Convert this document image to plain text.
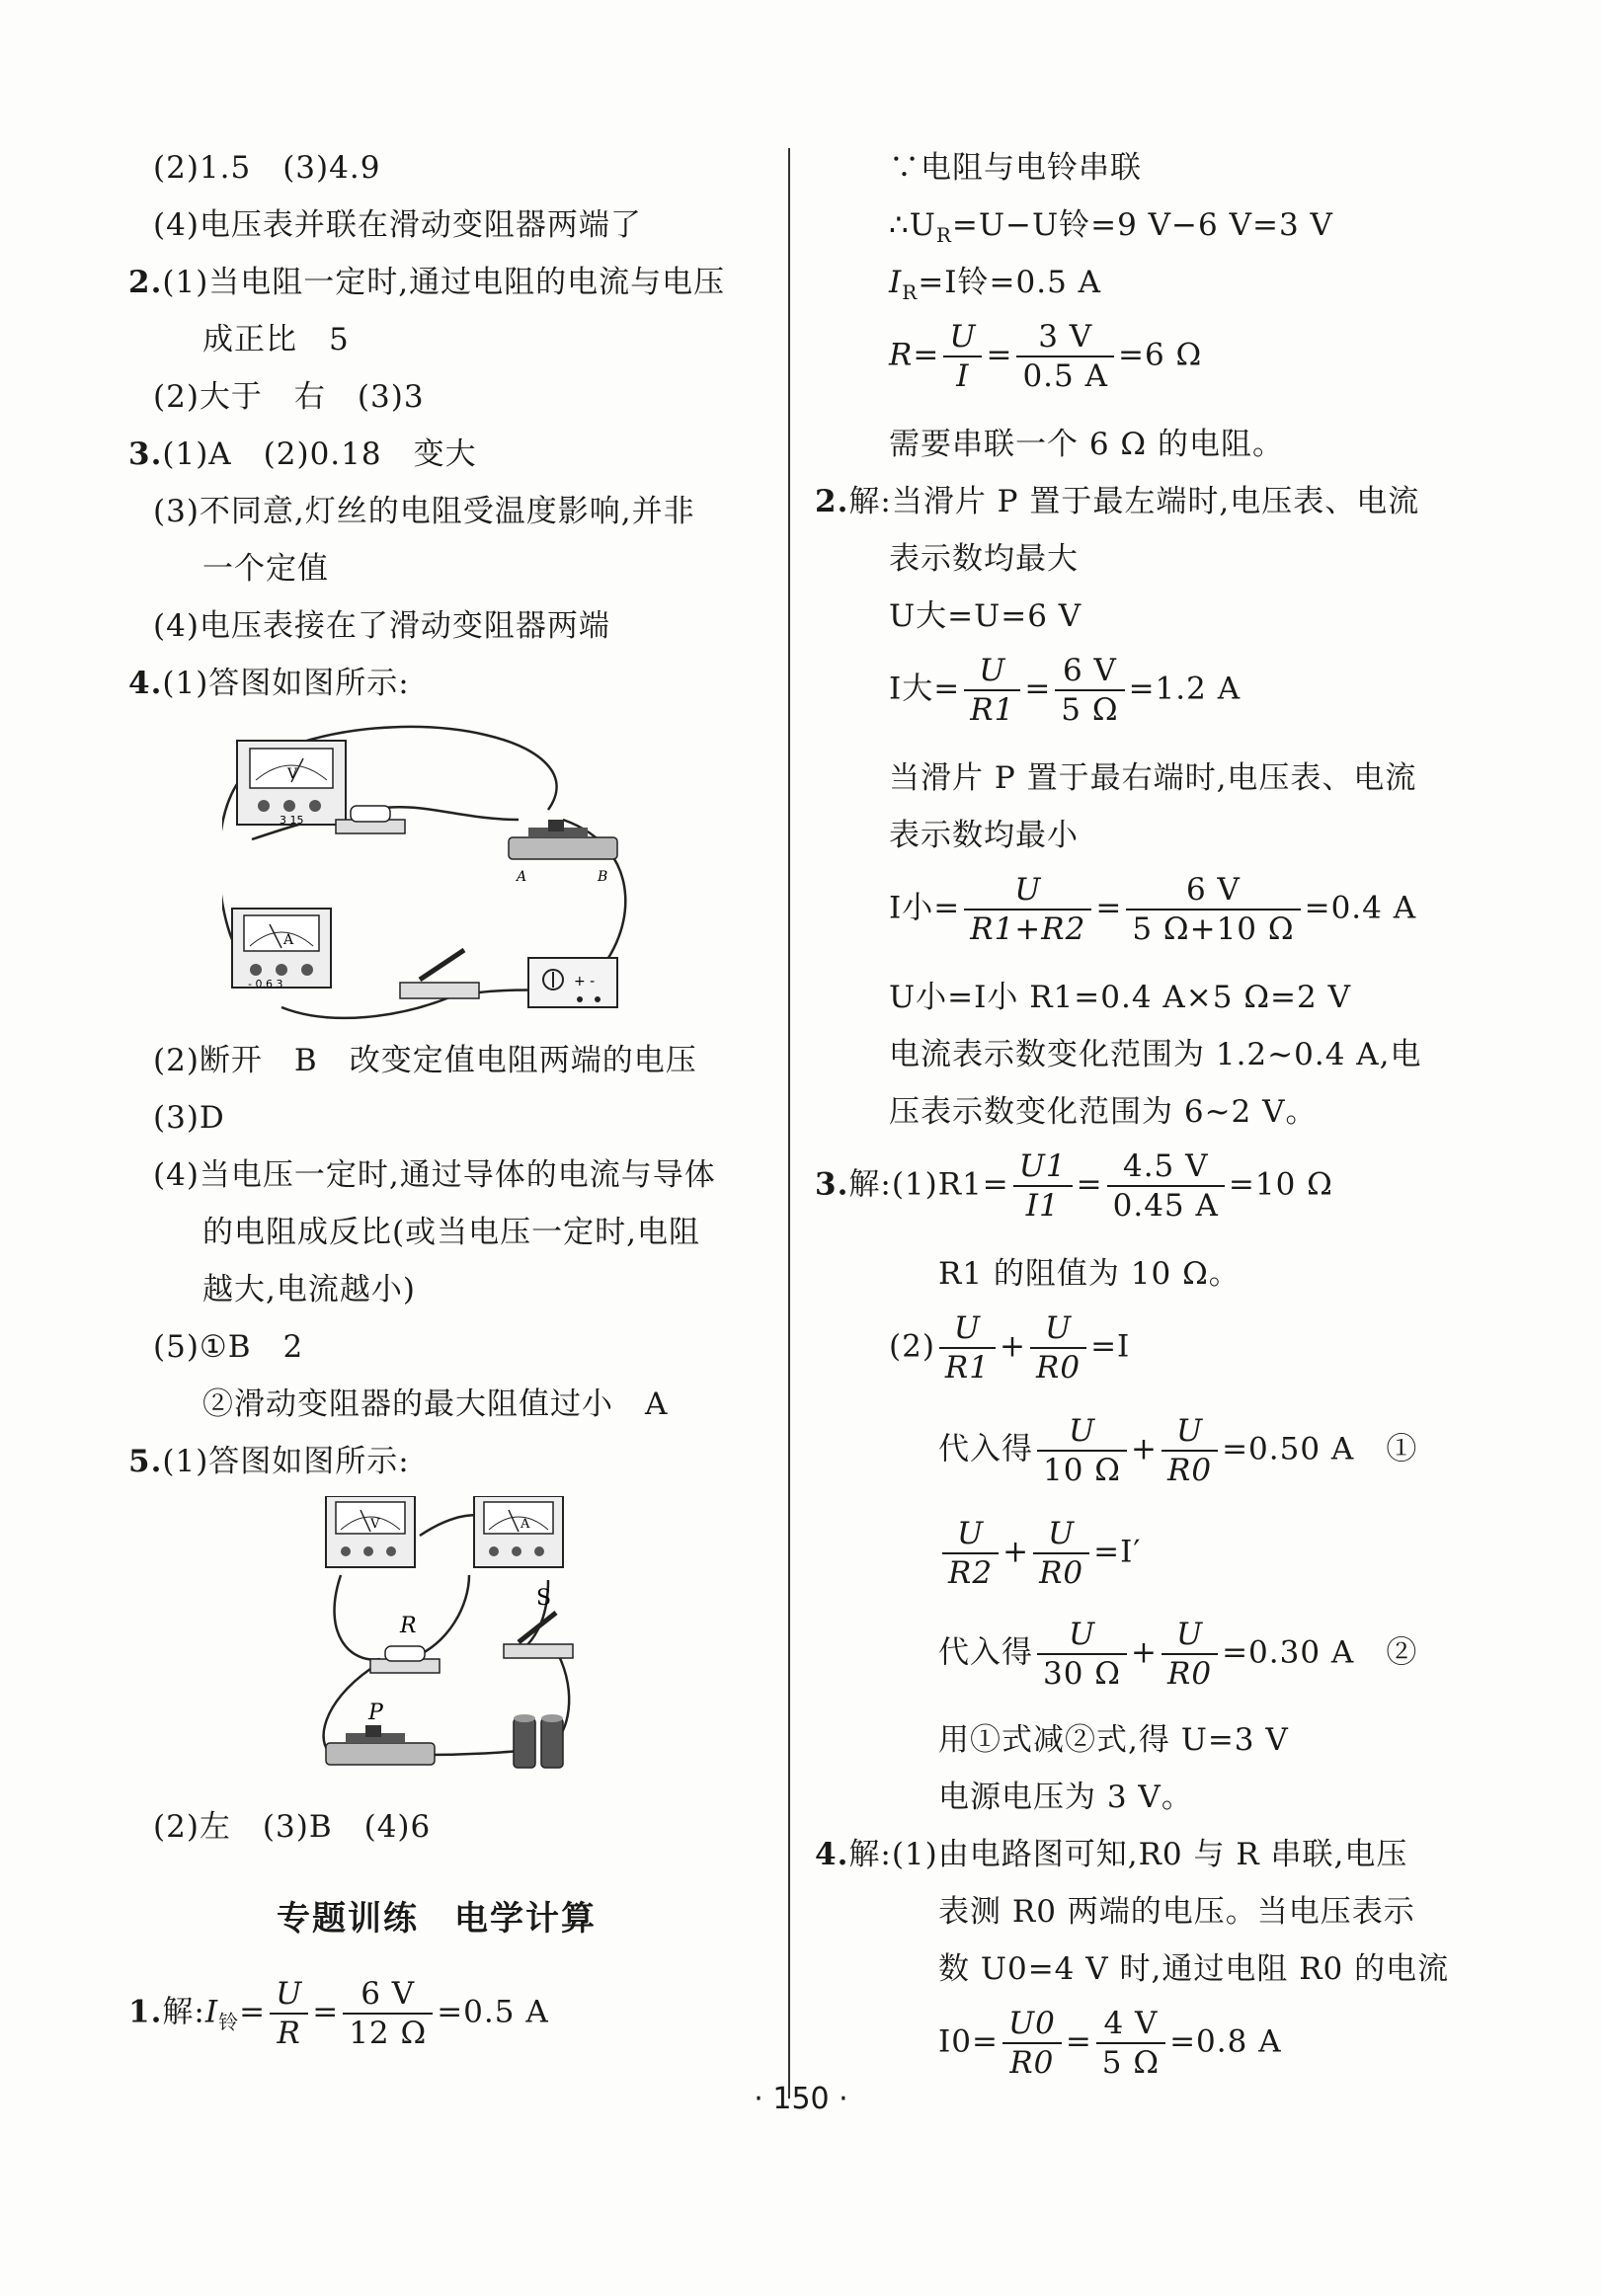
(2)1.5　(3)4.9
(4)电压表并联在滑动变阻器两端了
2.(1)当电阻一定时,通过电阻的电流与电压
成正比　5
(2)大于　右　(3)3
3.(1)A　(2)0.18　变大
(3)不同意,灯丝的电阻受温度影响,并非
一个定值
(4)电压表接在了滑动变阻器两端
4.(1)答图如图所示:
V
3 15
A	B
A
- 0.6 3	+ -
(2)断开　B　改变定值电阻两端的电压
(3)D
(4)当电压一定时,通过导体的电流与导体
的电阻成反比(或当电压一定时,电阻
越大,电流越小)
(5)①B　2
②滑动变阻器的最大阻值过小　A
5.(1)答图如图所示:
V	A
R
S
P
(2)左　(3)B　(4)6
专题训练　电学计算
1.解$:I_铃= \frac{U}{R} = \frac{6 V}{12 \Omega} =0.5$ A
∵电阻与电铃串联
$\therefore U_R=U-U$铃=9 V−6 V=3 V
$I_R=I$铃=0.5 A
$R= \frac{U}{I} = \frac{3 V}{0.5 A} =6$ Ω
需要串联一个 6 Ω 的电阻。
2.解:当滑片 P 置于最左端时,电压表、电流
表示数均最大
U大=U=6 V
I大= $\frac{U}{R1} = \frac{6 V}{5 \Omega} =1.2$ A
当滑片 P 置于最右端时,电压表、电流
表示数均最小
I小= $\frac{U}{R1+R2} = \frac{6 V}{5 \Omega+10 \Omega} =0.4$ A
U小=I小 R1=0.4 A×5 Ω=2 V
电流表示数变化范围为 1.2~0.4 A,电
压表示数变化范围为 6~2 V。
3.解:(1)R1= $\frac{U1}{I1} = \frac{4.5 V}{0.45 A} =10$ Ω
R1 的阻值为 10 Ω。
$(2) \frac{U}{R1} + \frac{U}{R0} =I$
代入得 $\frac{U}{10 \Omega} + \frac{U}{R0} =0.50$ A　①
$\frac{U}{R2} + \frac{U}{R0} =I'$
代入得 $\frac{U}{30 \Omega} + \frac{U}{R0} =0.30$ A　②
用①式减②式,得 U=3 V
电源电压为 3 V。
4.解:(1)由电路图可知,R0 与 R 串联,电压
表测 R0 两端的电压。当电压表示
数 U0=4 V 时,通过电阻 R0 的电流
$I0= \frac{U0}{R0} = \frac{4 V}{5 \Omega} =0.8$ A
· 150 ·
